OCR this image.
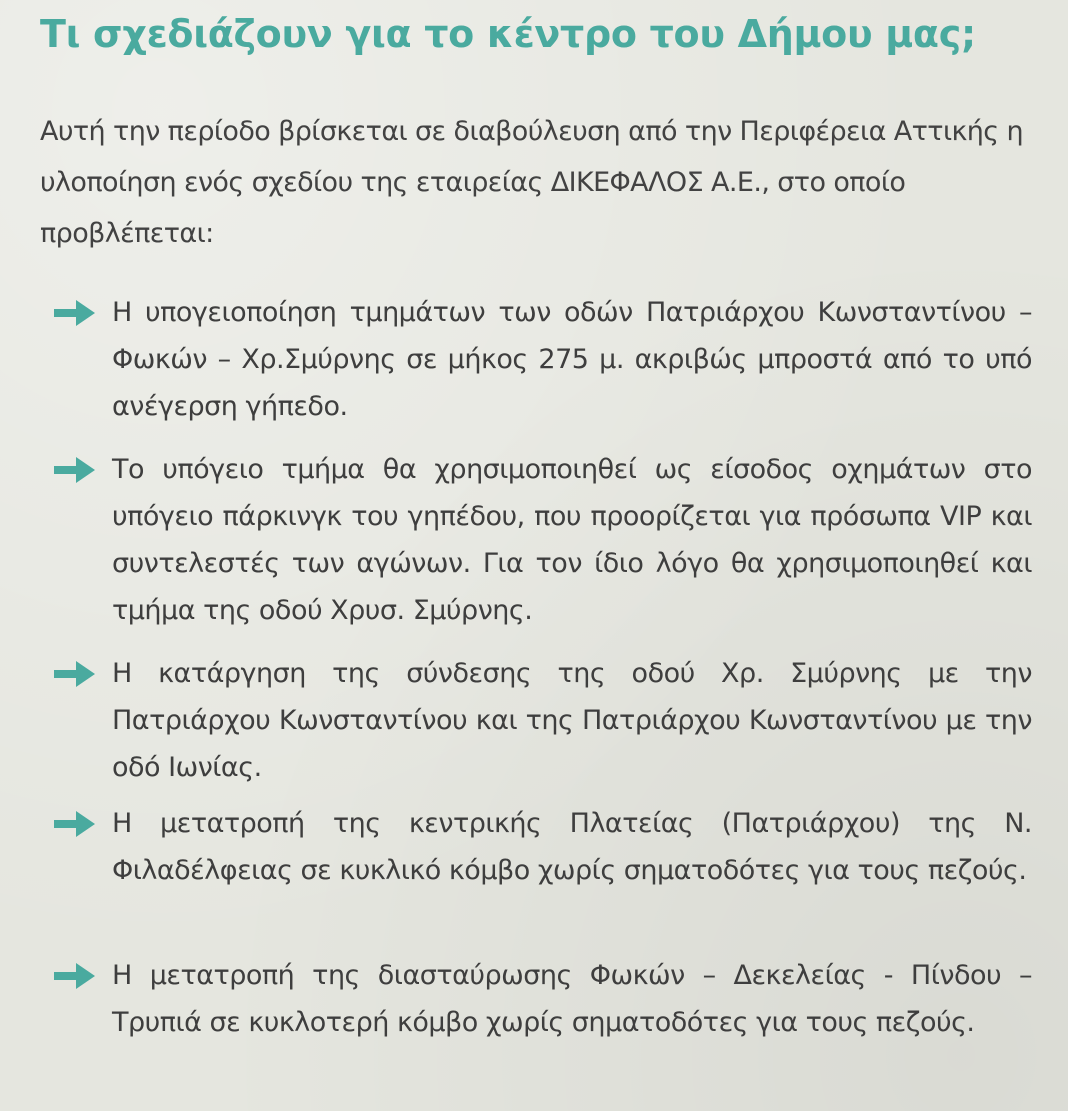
Τι σχεδιάζουν για το κέντρο του Δήμου μας;

Αυτή την περίοδο βρίσκεται σε διαβούλευση από την Περιφέρεια Αττικής η υλοποίηση ενός σχεδίου της εταιρείας ΔΙΚΕΦΑΛΟΣ Α.Ε., στο οποίο προβλέπεται:

Η υπογειοποίηση τμημάτων των οδών Πατριάρχου Κωνσταντίνου – Φωκών – Χρ.Σμύρνης σε μήκος 275 μ. ακριβώς μπροστά από το υπό ανέγερση γήπεδο.

Το υπόγειο τμήμα θα χρησιμοποιηθεί ως είσοδος οχημάτων στο υπόγειο πάρκινγκ του γηπέδου, που προορίζεται για πρόσωπα VIP και συντελεστές των αγώνων. Για τον ίδιο λόγο θα χρησιμοποιηθεί και τμήμα της οδού Χρυσ. Σμύρνης.

Η κατάργηση της σύνδεσης της οδού Χρ. Σμύρνης με την Πατριάρχου Κωνσταντίνου και της Πατριάρχου Κωνσταντίνου με την οδό Ιωνίας.

Η μετατροπή της κεντρικής Πλατείας (Πατριάρχου) της Ν. Φιλαδέλφειας σε κυκλικό κόμβο χωρίς σηματοδότες για τους πεζούς.

Η μετατροπή της διασταύρωσης Φωκών – Δεκελείας - Πίνδου – Τρυπιά σε κυκλοτερή κόμβο χωρίς σηματοδότες για τους πεζούς.
